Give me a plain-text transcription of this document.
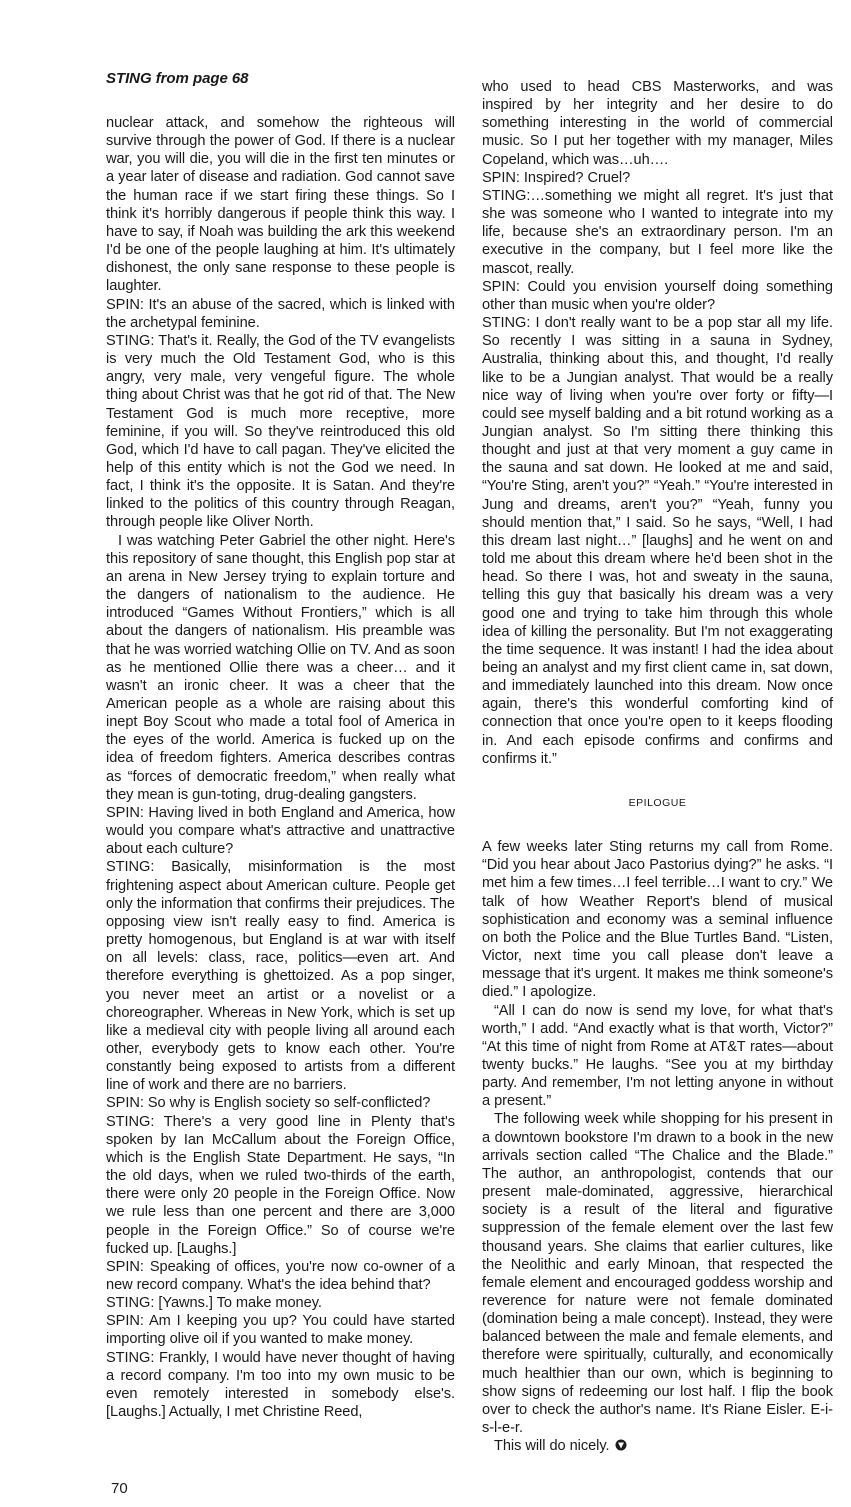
STING from page 68

nuclear attack, and somehow the righteous will survive through the power of God. If there is a nuclear war, you will die, you will die in the first ten minutes or a year later of disease and radiation. God cannot save the human race if we start firing these things. So I think it's horribly dangerous if people think this way. I have to say, if Noah was building the ark this weekend I'd be one of the people laughing at him. It's ultimately dishonest, the only sane response to these people is laughter.

SPIN: It's an abuse of the sacred, which is linked with the archetypal feminine.

STING: That's it. Really, the God of the TV evangelists is very much the Old Testament God, who is this angry, very male, very vengeful figure. The whole thing about Christ was that he got rid of that. The New Testament God is much more receptive, more feminine, if you will. So they've reintroduced this old God, which I'd have to call pagan. They've elicited the help of this entity which is not the God we need. In fact, I think it's the opposite. It is Satan. And they're linked to the politics of this country through Reagan, through people like Oliver North.

I was watching Peter Gabriel the other night. Here's this repository of sane thought, this English pop star at an arena in New Jersey trying to explain torture and the dangers of nationalism to the audience. He introduced “Games Without Frontiers,” which is all about the dangers of nationalism. His preamble was that he was worried watching Ollie on TV. And as soon as he mentioned Ollie there was a cheer… and it wasn't an ironic cheer. It was a cheer that the American people as a whole are raising about this inept Boy Scout who made a total fool of America in the eyes of the world. America is fucked up on the idea of freedom fighters. America describes contras as “forces of democratic freedom,” when really what they mean is gun-toting, drug-dealing gangsters.

SPIN: Having lived in both England and America, how would you compare what's attractive and unattractive about each culture?

STING: Basically, misinformation is the most frightening aspect about American culture. People get only the information that confirms their prejudices. The opposing view isn't really easy to find. America is pretty homogenous, but England is at war with itself on all levels: class, race, politics—even art. And therefore everything is ghettoized. As a pop singer, you never meet an artist or a novelist or a choreographer. Whereas in New York, which is set up like a medieval city with people living all around each other, everybody gets to know each other. You're constantly being exposed to artists from a different line of work and there are no barriers.

SPIN: So why is English society so self-conflicted?

STING: There's a very good line in Plenty that's spoken by Ian McCallum about the Foreign Office, which is the English State Department. He says, “In the old days, when we ruled two-thirds of the earth, there were only 20 people in the Foreign Office. Now we rule less than one percent and there are 3,000 people in the Foreign Office.” So of course we're fucked up. [Laughs.]

SPIN: Speaking of offices, you're now co-owner of a new record company. What's the idea behind that?

STING: [Yawns.] To make money.

SPIN: Am I keeping you up? You could have started importing olive oil if you wanted to make money.

STING: Frankly, I would have never thought of having a record company. I'm too into my own music to be even remotely interested in somebody else's. [Laughs.] Actually, I met Christine Reed,

who used to head CBS Masterworks, and was inspired by her integrity and her desire to do something interesting in the world of commercial music. So I put her together with my manager, Miles Copeland, which was…uh….

SPIN: Inspired? Cruel?

STING:…something we might all regret. It's just that she was someone who I wanted to integrate into my life, because she's an extraordinary person. I'm an executive in the company, but I feel more like the mascot, really.

SPIN: Could you envision yourself doing something other than music when you're older?

STING: I don't really want to be a pop star all my life. So recently I was sitting in a sauna in Sydney, Australia, thinking about this, and thought, I'd really like to be a Jungian analyst. That would be a really nice way of living when you're over forty or fifty—I could see myself balding and a bit rotund working as a Jungian analyst. So I'm sitting there thinking this thought and just at that very moment a guy came in the sauna and sat down. He looked at me and said, “You're Sting, aren't you?” “Yeah.” “You're interested in Jung and dreams, aren't you?” “Yeah, funny you should mention that,” I said. So he says, “Well, I had this dream last night…” [laughs] and he went on and told me about this dream where he'd been shot in the head. So there I was, hot and sweaty in the sauna, telling this guy that basically his dream was a very good one and trying to take him through this whole idea of killing the personality. But I'm not exaggerating the time sequence. It was instant! I had the idea about being an analyst and my first client came in, sat down, and immediately launched into this dream. Now once again, there's this wonderful comforting kind of connection that once you're open to it keeps flooding in. And each episode confirms and confirms and confirms it.”

EPILOGUE

A few weeks later Sting returns my call from Rome. “Did you hear about Jaco Pastorius dying?” he asks. “I met him a few times…I feel terrible…I want to cry.” We talk of how Weather Report's blend of musical sophistication and economy was a seminal influence on both the Police and the Blue Turtles Band. “Listen, Victor, next time you call please don't leave a message that it's urgent. It makes me think someone's died.” I apologize.

“All I can do now is send my love, for what that's worth,” I add. “And exactly what is that worth, Victor?” “At this time of night from Rome at AT&T rates—about twenty bucks.” He laughs. “See you at my birthday party. And remember, I'm not letting anyone in without a present.”

The following week while shopping for his present in a downtown bookstore I'm drawn to a book in the new arrivals section called “The Chalice and the Blade.” The author, an anthropologist, contends that our present male-dominated, aggressive, hierarchical society is a result of the literal and figurative suppression of the female element over the last few thousand years. She claims that earlier cultures, like the Neolithic and early Minoan, that respected the female element and encouraged goddess worship and reverence for nature were not female dominated (domination being a male concept). Instead, they were balanced between the male and female elements, and therefore were spiritually, culturally, and economically much healthier than our own, which is beginning to show signs of redeeming our lost half. I flip the book over to check the author's name. It's Riane Eisler. E-i-s-l-e-r.

This will do nicely.

70
